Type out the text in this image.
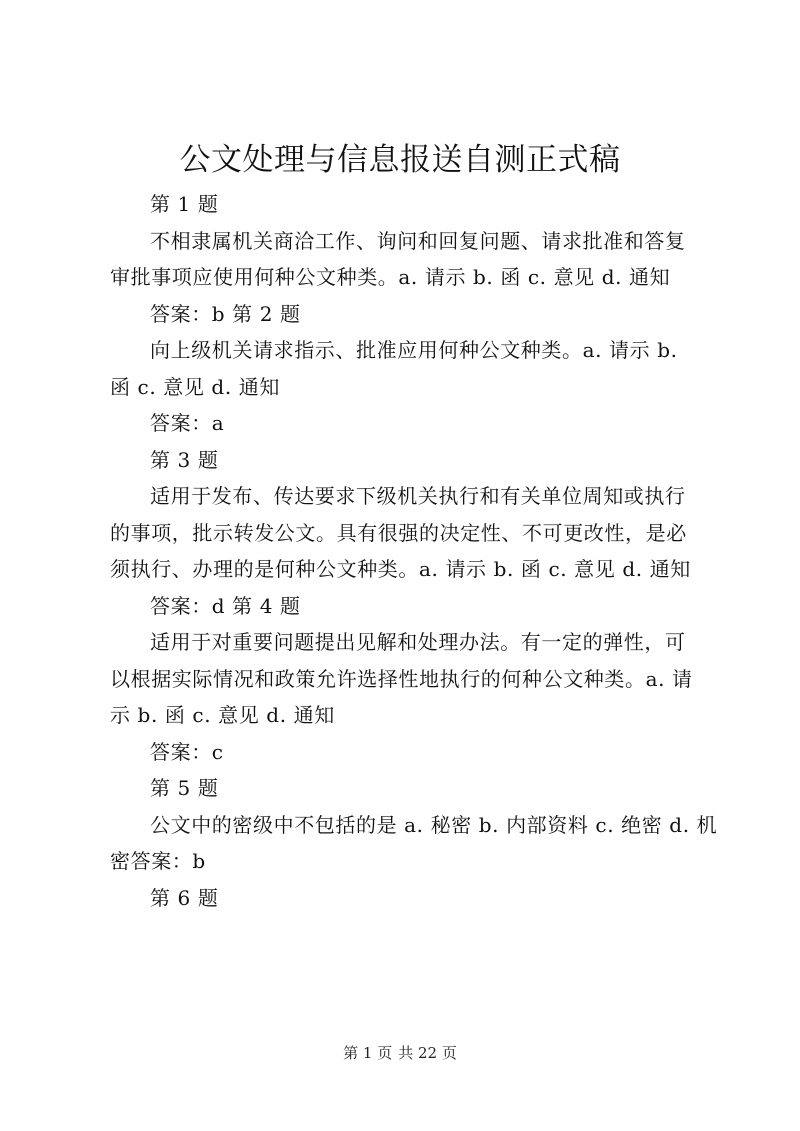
公文处理与信息报送自测正式稿

第 1 题

不相隶属机关商洽工作、询问和回复问题、请求批准和答复

审批事项应使用何种公文种类。a. 请示 b. 函 c. 意见 d. 通知

答案：b 第 2 题

向上级机关请求指示、批准应用何种公文种类。a. 请示 b.

函 c. 意见 d. 通知

答案：a

第 3 题

适用于发布、传达要求下级机关执行和有关单位周知或执行

的事项，批示转发公文。具有很强的决定性、不可更改性，是必

须执行、办理的是何种公文种类。a. 请示 b. 函 c. 意见 d. 通知

答案：d 第 4 题

适用于对重要问题提出见解和处理办法。有一定的弹性，可

以根据实际情况和政策允许选择性地执行的何种公文种类。a. 请

示 b. 函 c. 意见 d. 通知

答案：c

第 5 题

公文中的密级中不包括的是 a. 秘密 b. 内部资料 c. 绝密 d. 机

密答案：b

第 6 题

第 1 页 共 22 页
